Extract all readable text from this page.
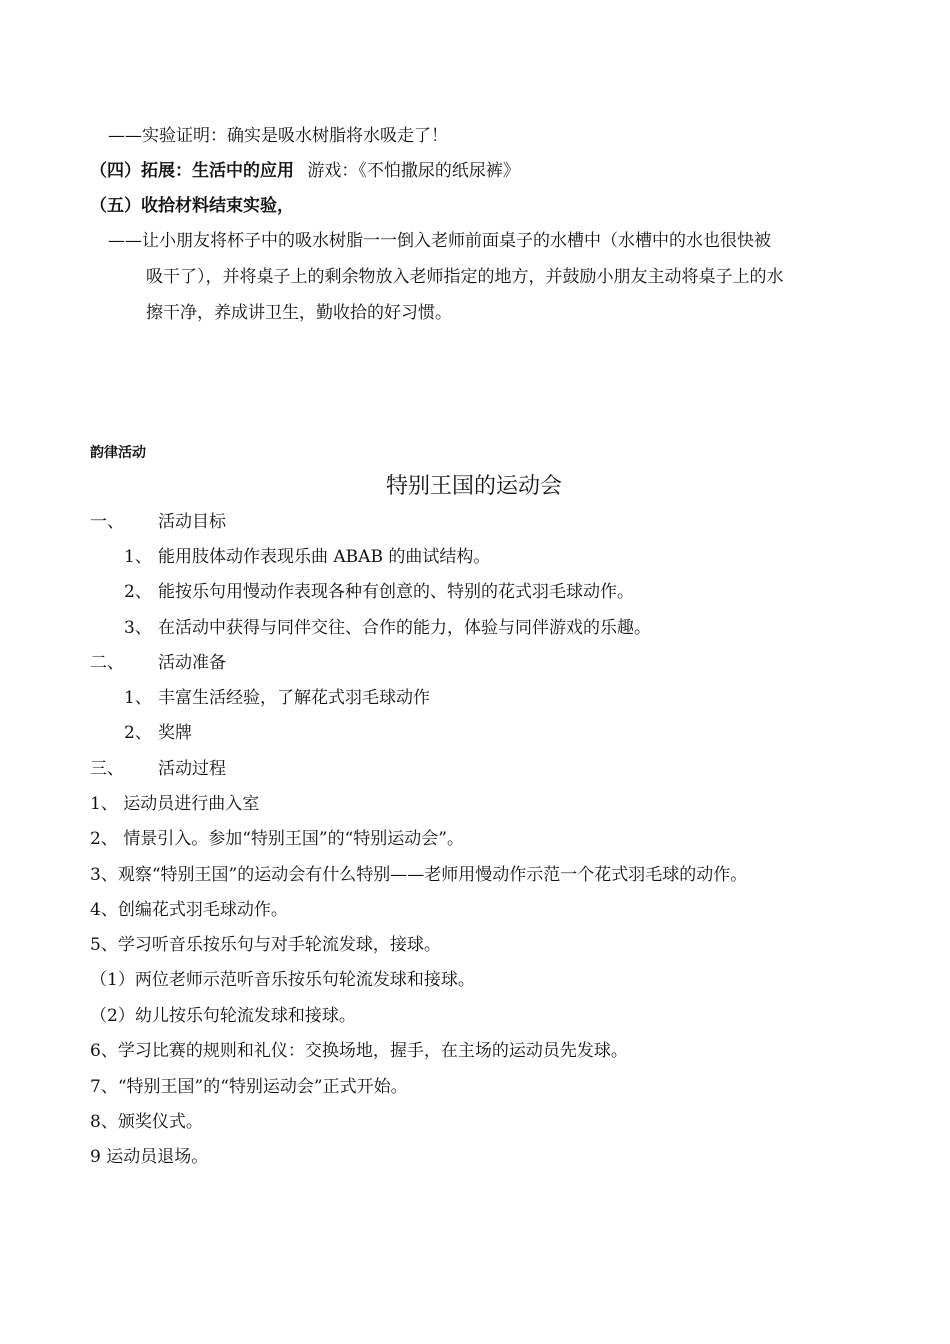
——实验证明：确实是吸水树脂将水吸走了！
（四）拓展：生活中的应用 游戏：《不怕撒尿的纸尿裤》
（五）收拾材料结束实验，
——让小朋友将杯子中的吸水树脂一一倒入老师前面桌子的水槽中（水槽中的水也很快被
吸干了），并将桌子上的剩余物放入老师指定的地方，并鼓励小朋友主动将桌子上的水
擦干净，养成讲卫生，勤收拾的好习惯。
韵律活动
特别王国的运动会
一、 活动目标
1、 能用肢体动作表现乐曲 ABAB 的曲试结构。
2、 能按乐句用慢动作表现各种有创意的、特别的花式羽毛球动作。
3、 在活动中获得与同伴交往、合作的能力，体验与同伴游戏的乐趣。
二、 活动准备
1、 丰富生活经验，了解花式羽毛球动作
2、 奖牌
三、 活动过程
1、 运动员进行曲入室
2、 情景引入。参加“特别王国”的“特别运动会”。
3、观察“特别王国”的运动会有什么特别——老师用慢动作示范一个花式羽毛球的动作。
4、创编花式羽毛球动作。
5、学习听音乐按乐句与对手轮流发球，接球。
（1）两位老师示范听音乐按乐句轮流发球和接球。
（2）幼儿按乐句轮流发球和接球。
6、学习比赛的规则和礼仪：交换场地，握手，在主场的运动员先发球。
7、“特别王国”的“特别运动会”正式开始。
8、颁奖仪式。
9 运动员退场。
